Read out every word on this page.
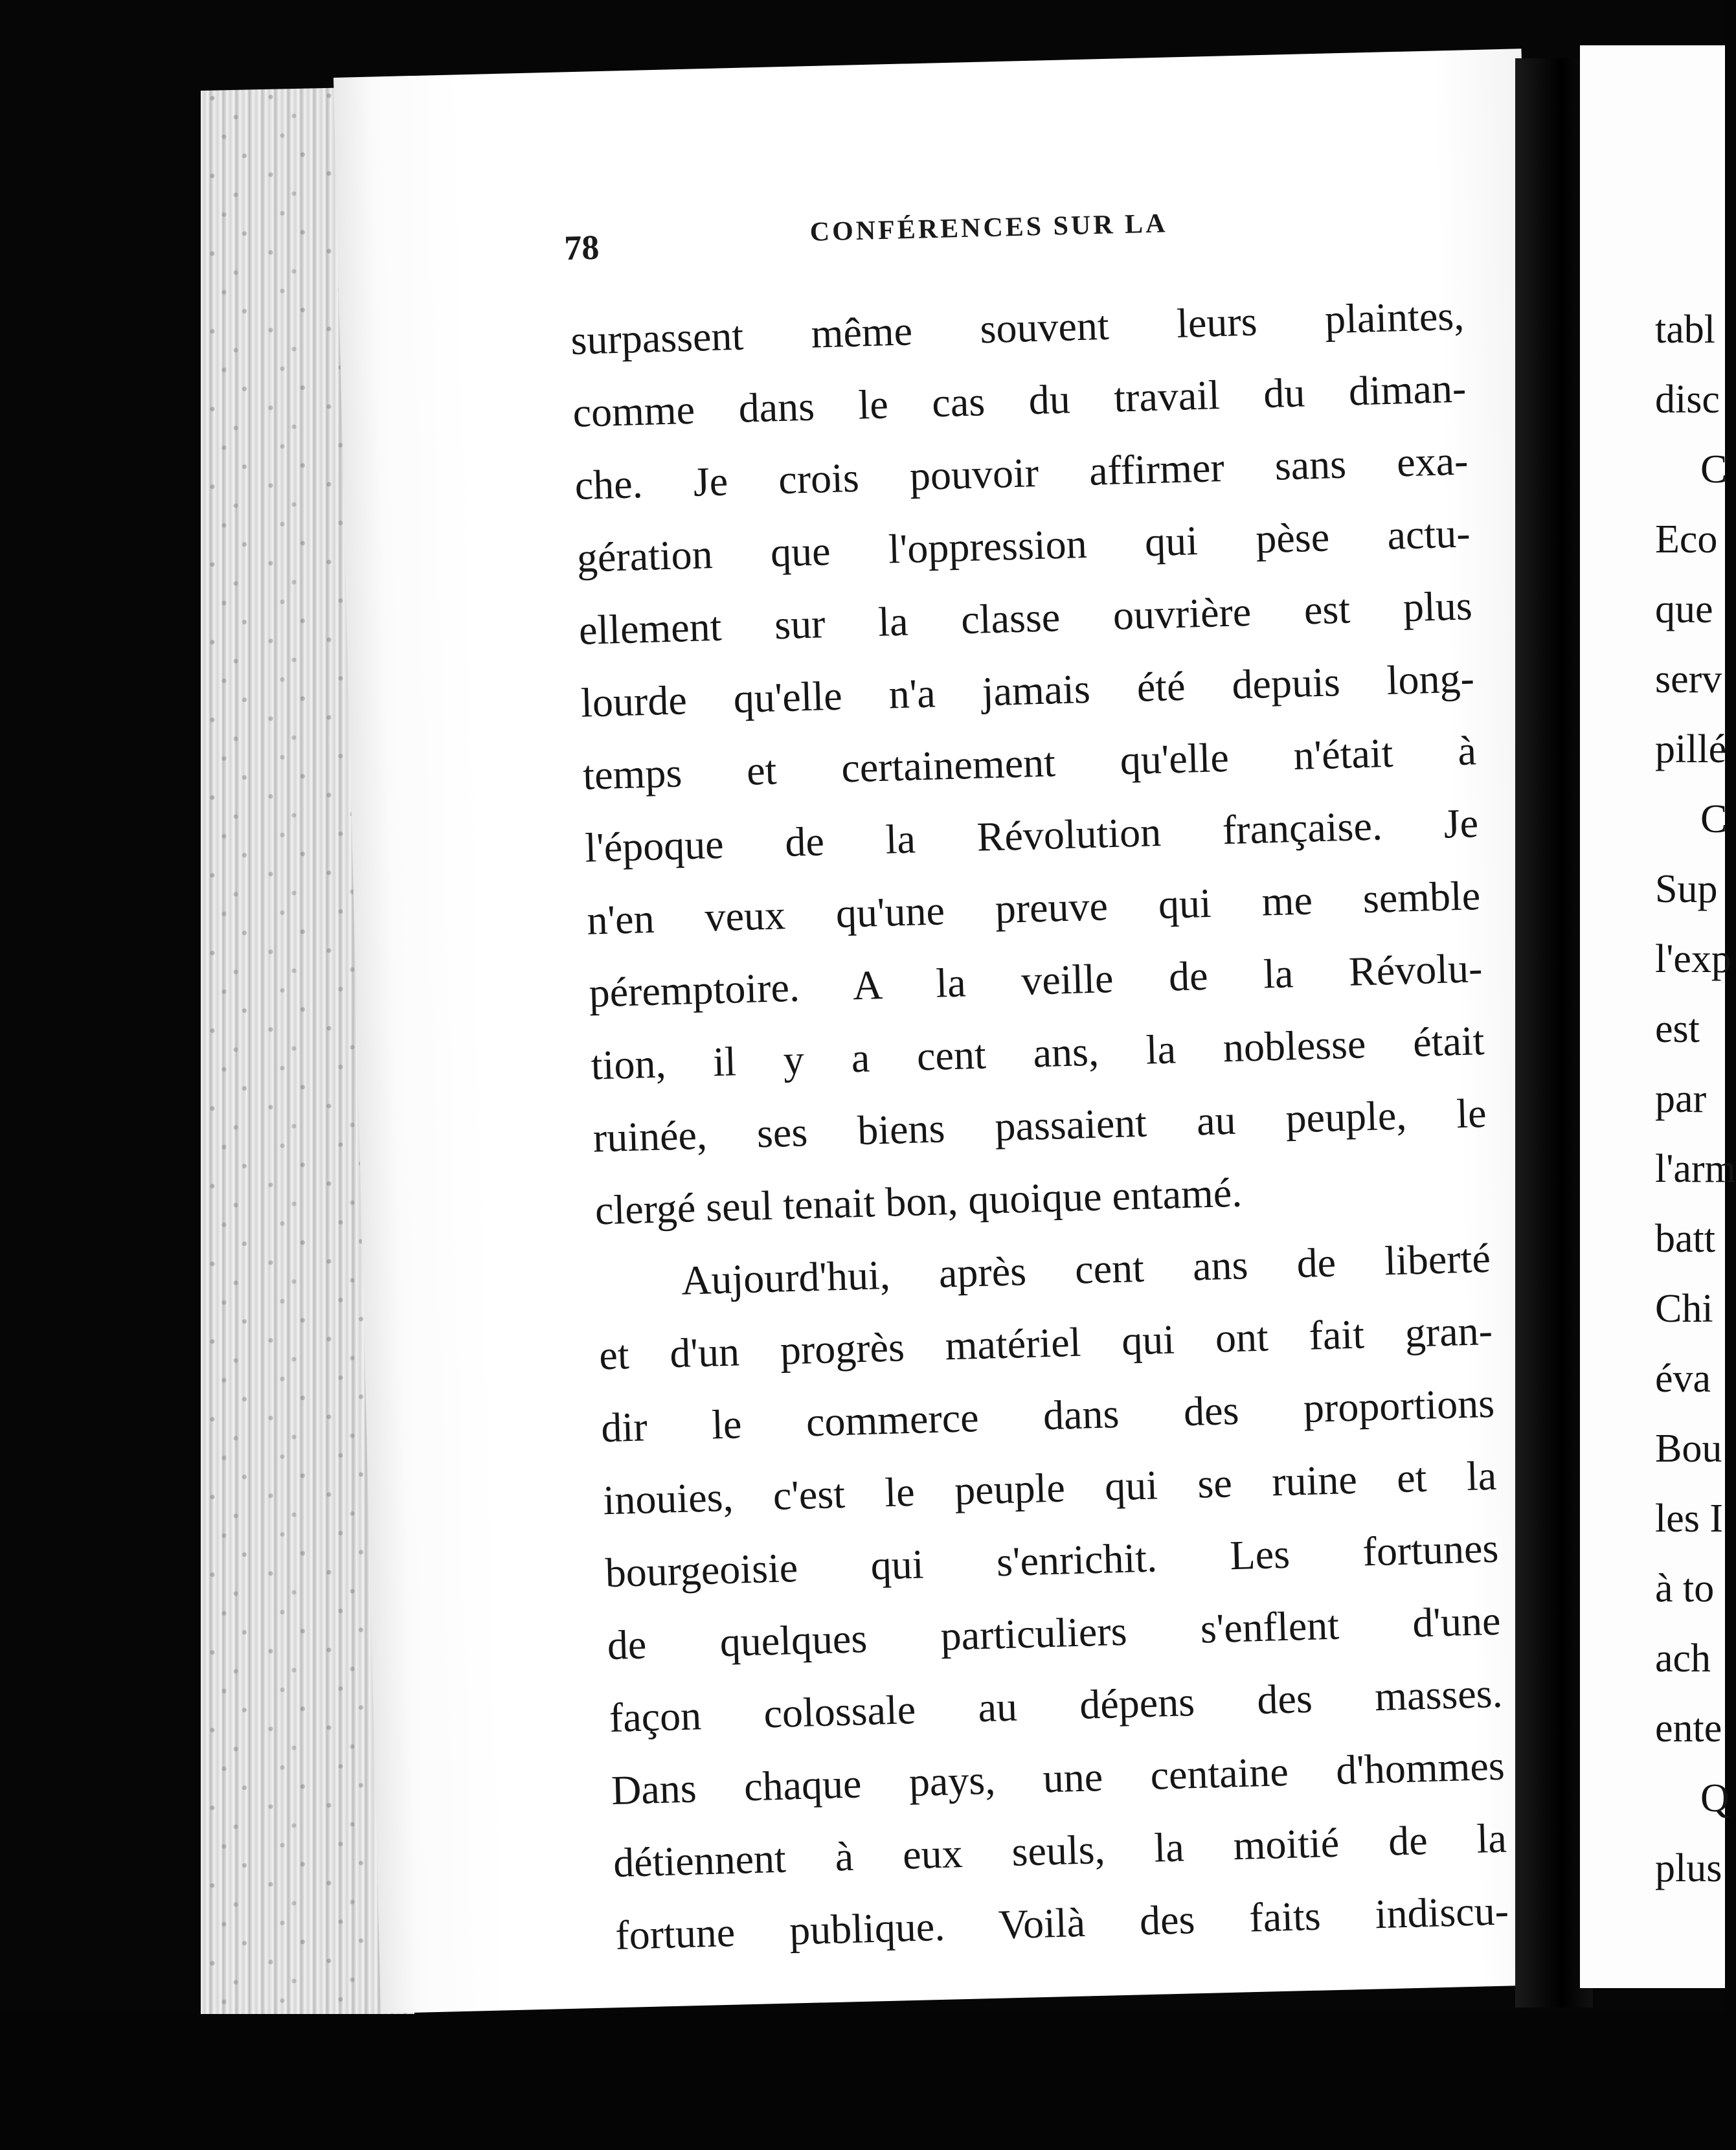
78	CONFÉRENCES SUR LA
surpassent même souvent leurs plaintes,
comme dans le cas du travail du diman-
che. Je crois pouvoir affirmer sans exa-
gération que l'oppression qui pèse actu-
ellement sur la classe ouvrière est plus
lourde qu'elle n'a jamais été depuis long-
temps et certainement qu'elle n'était à
l'époque de la Révolution française. Je
n'en veux qu'une preuve qui me semble
péremptoire. A la veille de la Révolu-
tion, il y a cent ans, la noblesse était
ruinée, ses biens passaient au peuple, le
clergé seul tenait bon, quoique entamé.
Aujourd'hui, après cent ans de liberté
et d'un progrès matériel qui ont fait gran-
dir le commerce dans des proportions
inouies, c'est le peuple qui se ruine et la
bourgeoisie qui s'enrichit. Les fortunes
de quelques particuliers s'enflent d'une
façon colossale au dépens des masses.
Dans chaque pays, une centaine d'hommes
détiennent à eux seuls, la moitié de la
fortune publique. Voilà des faits indiscu-
tabl
disc
C
Eco
que
serv
pillé
C
Sup
l'exp
est
par
l'arm
batt
Chi
éva
Bou
les I
à to
ach
ente
Q
plus
